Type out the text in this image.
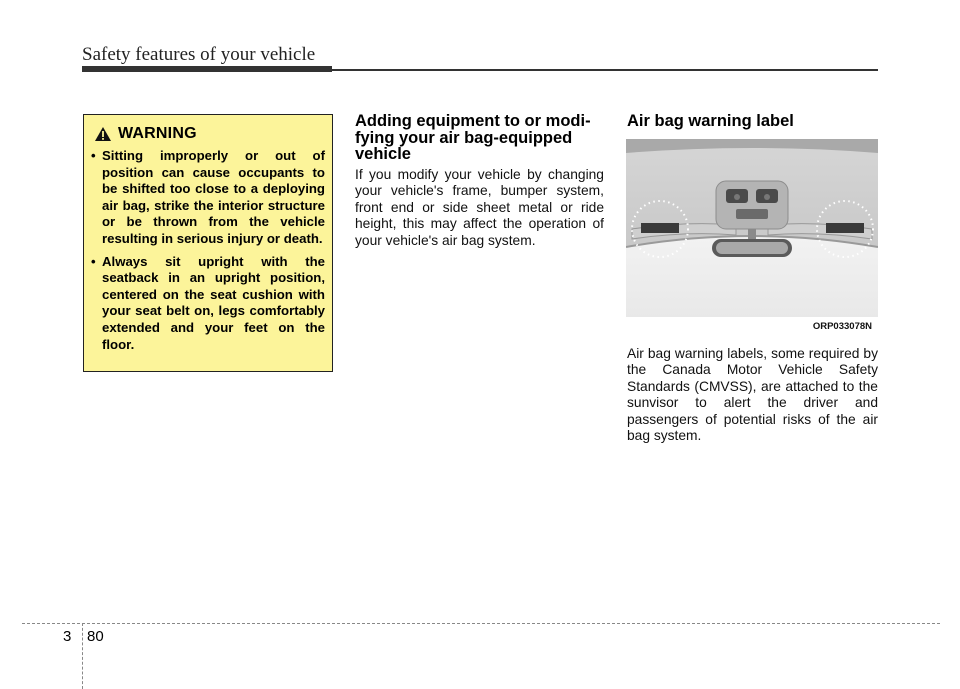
Safety features of your vehicle
WARNING
• Sitting improperly or out of position can cause occupants to be shifted too close to a deploying air bag, strike the interior structure or be thrown from the vehicle resulting in serious injury or death.
• Always sit upright with the seatback in an upright position, centered on the seat cushion with your seat belt on, legs comfortably extended and your feet on the floor.
Adding equipment to or modifying your air bag-equipped vehicle
If you modify your vehicle by changing your vehicle's frame, bumper system, front end or side sheet metal or ride height, this may affect the operation of your vehicle's air bag system.
Air bag warning label
ORP033078N
Air bag warning labels, some required by the Canada Motor Vehicle Safety Standards (CMVSS), are attached to the sunvisor to alert the driver and passengers of potential risks of the air bag system.
3 80
